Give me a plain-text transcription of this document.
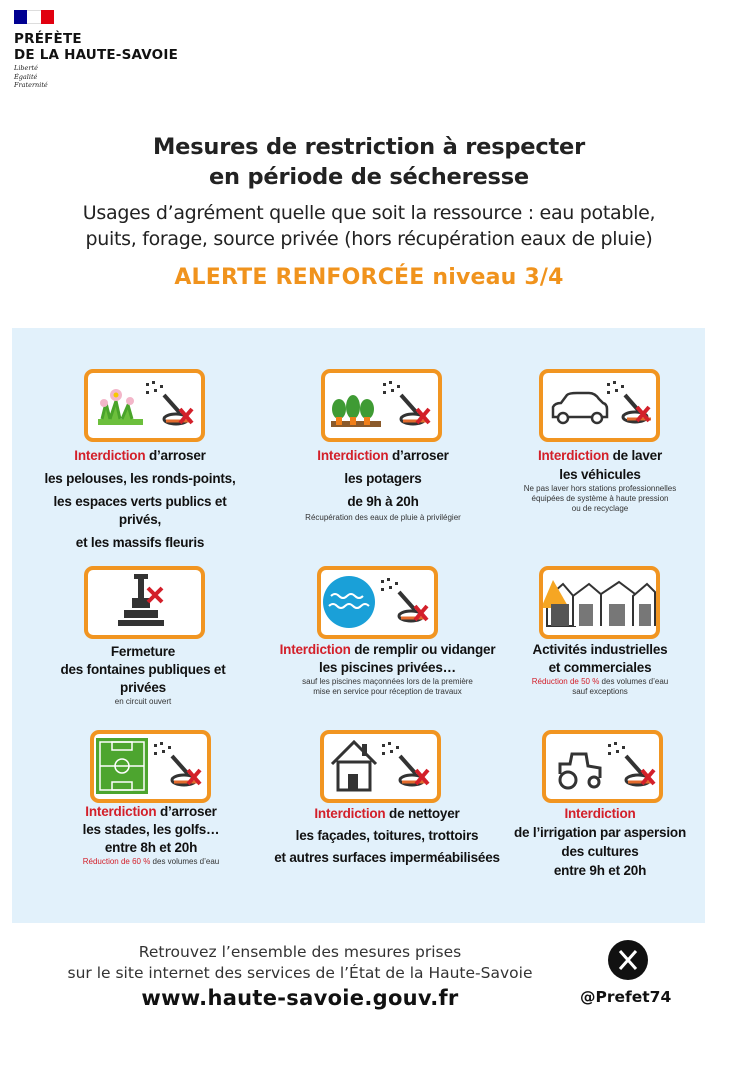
PRÉFÈTE
DE LA HAUTE-SAVOIE
Liberté
Égalité
Fraternité
Mesures de restriction à respecter
en période de sécheresse
Usages d’agrément quelle que soit la ressource : eau potable,
puits, forage, source privée (hors récupération eaux de pluie)
ALERTE RENFORCÉE niveau 3/4
Interdiction d’arroser
les pelouses, les ronds-points,
les espaces verts publics et privés,
et les massifs fleuris
Interdiction d’arroser
les potagers
de 9h à 20h
Récupération des eaux de pluie à privilégier
Interdiction de laver
les véhicules
Ne pas laver hors stations professionnelles
équipées de système à haute pression
ou de recyclage
Fermeture
des fontaines publiques et privées
en circuit ouvert
Interdiction de remplir ou vidanger
les piscines privées…
sauf les piscines maçonnées lors de la première
mise en service pour réception de travaux
Activités industrielles
et commerciales
Réduction de 50 % des volumes d’eau
sauf exceptions
Interdiction d’arroser
les stades, les golfs…
entre 8h et 20h
Réduction de 60 % des volumes d’eau
Interdiction de nettoyer
les façades, toitures, trottoirs
et autres surfaces imperméabilisées
Interdiction
de l’irrigation par aspersion
des cultures
entre 9h et 20h
Retrouvez l’ensemble des mesures prises
sur le site internet des services de l’État de la Haute-Savoie
www.haute-savoie.gouv.fr	@Prefet74
